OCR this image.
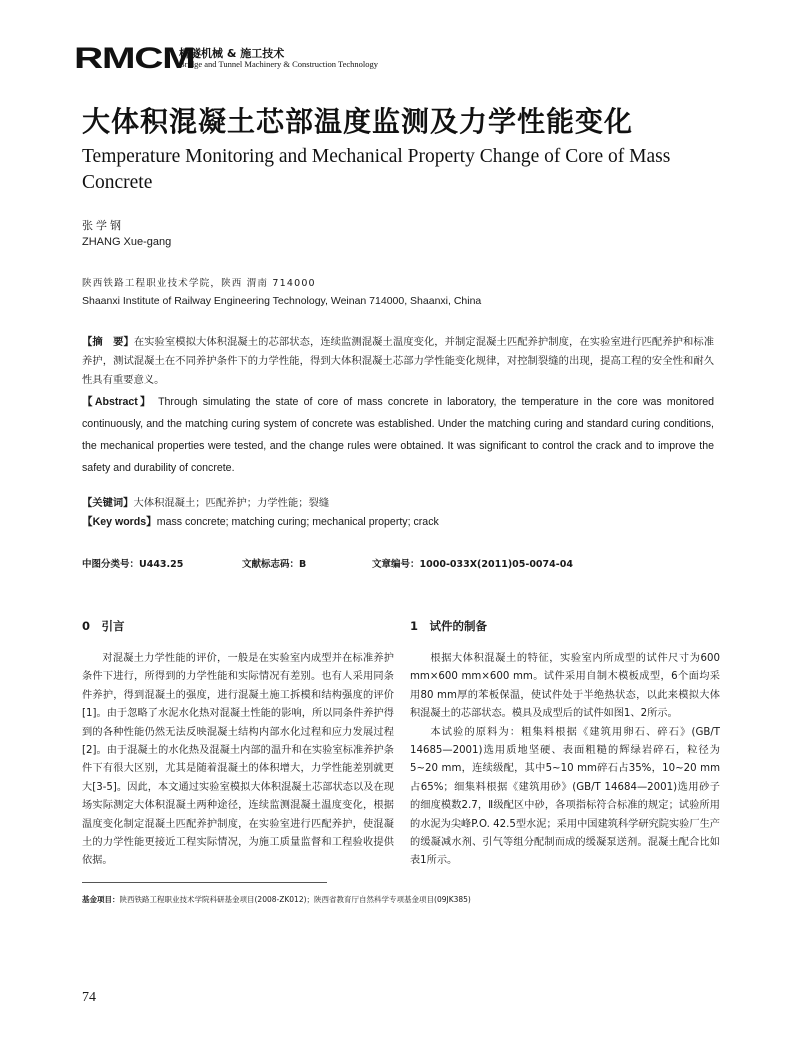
RMCM
桥隧机械 & 施工技术
Bridge and Tunnel Machinery & Construction Technology
大体积混凝土芯部温度监测及力学性能变化
Temperature Monitoring and Mechanical Property Change of Core of Mass Concrete
张学钢
ZHANG Xue-gang
陕西铁路工程职业技术学院，陕西 渭南 714000
Shaanxi Institute of Railway Engineering Technology, Weinan 714000, Shaanxi, China
【摘　要】在实验室模拟大体积混凝土的芯部状态，连续监测混凝土温度变化，并制定混凝土匹配养护制度，在实验室进行匹配养护和标准养护，测试混凝土在不同养护条件下的力学性能，得到大体积混凝土芯部力学性能变化规律，对控制裂缝的出现，提高工程的安全性和耐久性具有重要意义。
【Abstract】 Through simulating the state of core of mass concrete in laboratory, the temperature in the core was monitored continuously, and the matching curing system of concrete was established. Under the matching curing and standard curing conditions, the mechanical properties were tested, and the change rules were obtained. It was significant to control the crack and to improve the safety and durability of concrete.
【关键词】大体积混凝土；匹配养护；力学性能；裂缝
【Key words】mass concrete; matching curing; mechanical property; crack
中图分类号：U443.25	文献标志码：B	文章编号：1000-033X(2011)05-0074-04
0　引言	1　试件的制备

对混凝土力学性能的评价，一般是在实验室内成型并在标准养护条件下进行，所得到的力学性能和实际情况有差别。也有人采用同条件养护，得到混凝土的强度，进行混凝土施工拆模和结构强度的评价[1]。由于忽略了水泥水化热对混凝土性能的影响，所以同条件养护得到的各种性能仍然无法反映混凝土结构内部水化过程和应力发展过程[2]。由于混凝土的水化热及混凝土内部的温升和在实验室标准养护条件下有很大区别，尤其是随着混凝土的体积增大，力学性能差别就更大[3-5]。因此，本文通过实验室模拟大体积混凝土芯部状态以及在现场实际测定大体积混凝土两种途径，连续监测混凝土温度变化，根据温度变化制定混凝土匹配养护制度，在实验室进行匹配养护，使混凝土的力学性能更接近工程实际情况，为施工质量监督和工程验收提供依据。

根据大体积混凝土的特征，实验室内所成型的试件尺寸为600 mm×600 mm×600 mm。试件采用自制木模板成型，6个面均采用80 mm厚的苯板保温，使试件处于半绝热状态，以此来模拟大体积混凝土的芯部状态。模具及成型后的试件如图1、2所示。

本试验的原料为：粗集料根据《建筑用卵石、碎石》(GB/T 14685—2001)选用质地坚硬、表面粗糙的辉绿岩碎石，粒径为5~20 mm，连续级配，其中5~10 mm碎石占35%，10~20 mm占65%；细集料根据《建筑用砂》(GB/T 14684—2001)选用砂子的细度模数2.7，Ⅱ级配区中砂，各项指标符合标准的规定；试验所用的水泥为尖峰P.O. 42.5型水泥；采用中国建筑科学研究院实验厂生产的缓凝减水剂、引气等组分配制而成的缓凝泵送剂。混凝土配合比如表1所示。

基金项目：陕西铁路工程职业技术学院科研基金项目(2008-ZK012)；陕西省教育厅自然科学专项基金项目(09JK385)
74
